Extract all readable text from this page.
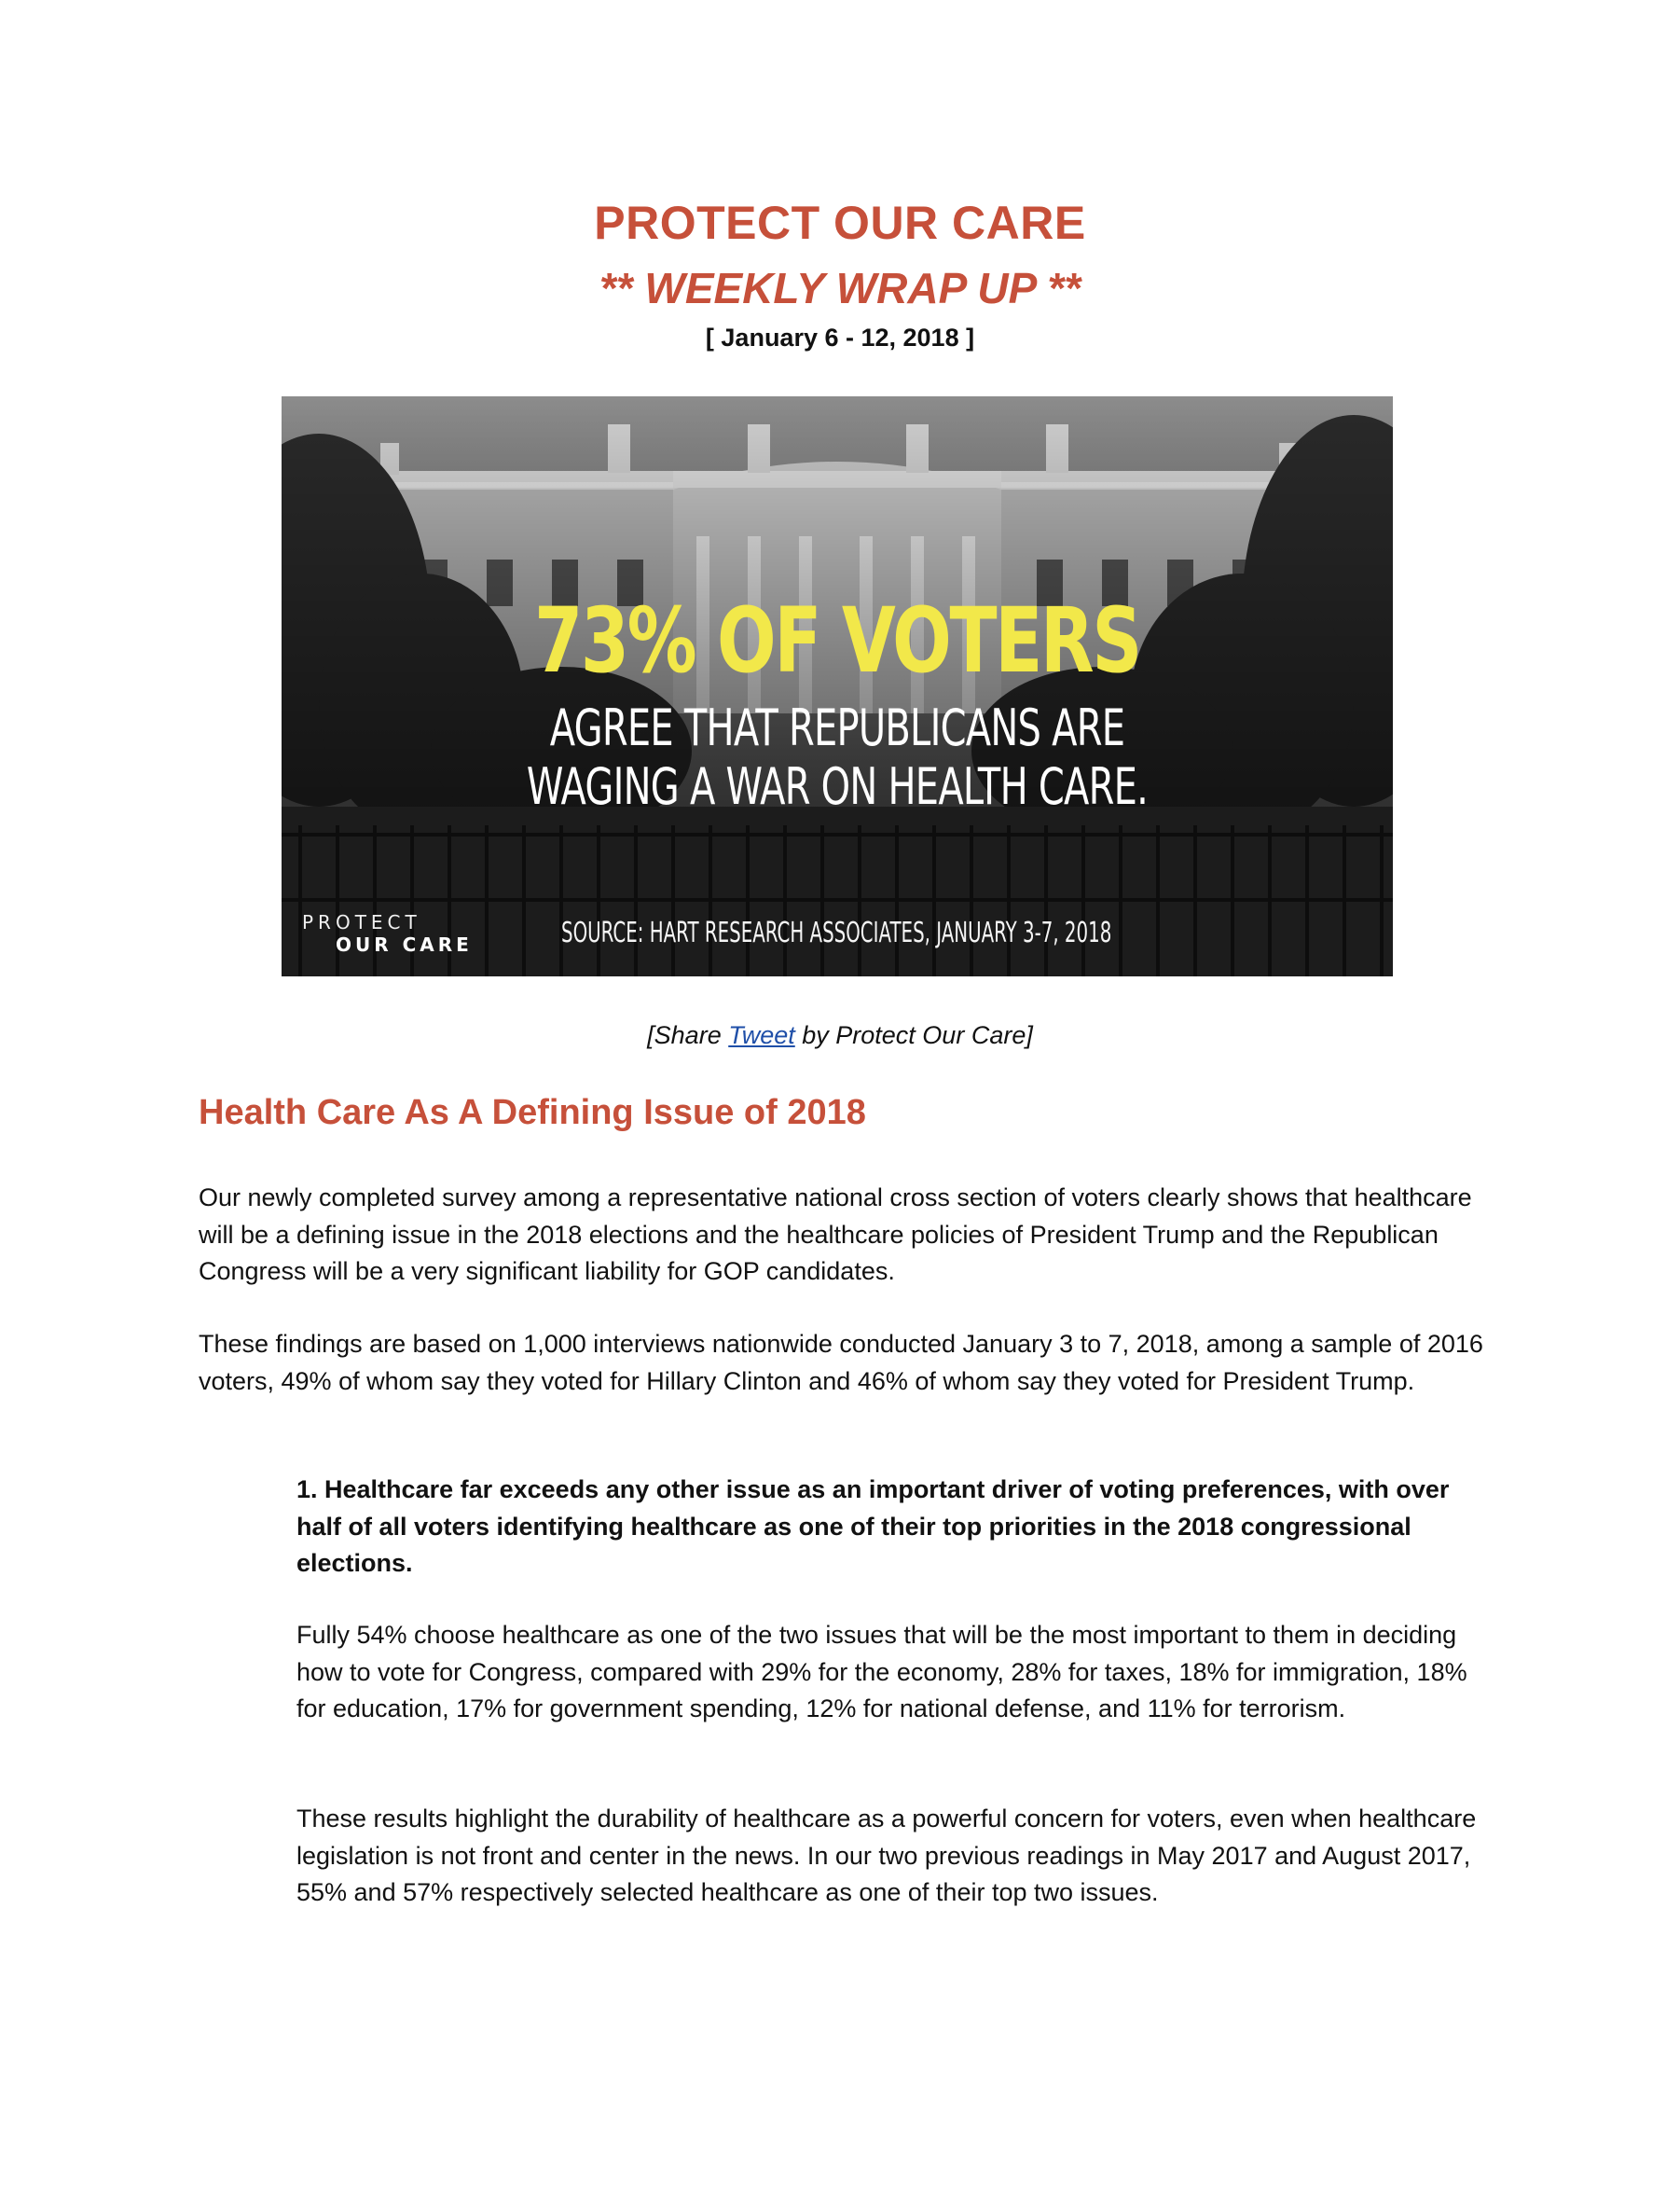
PROTECT OUR CARE
** WEEKLY WRAP UP **
[ January 6 - 12, 2018 ]
73% OF VOTERS
AGREE THAT REPUBLICANS ARE
WAGING A WAR ON HEALTH CARE.
PROTECT
OUR CARE	SOURCE: HART RESEARCH ASSOCIATES, JANUARY 3-7, 2018
[Share Tweet by Protect Our Care]
Health Care As A Defining Issue of 2018

Our newly completed survey among a representative national cross section of voters clearly shows that healthcare will be a defining issue in the 2018 elections and the healthcare policies of President Trump and the Republican Congress will be a very significant liability for GOP candidates.

These findings are based on 1,000 interviews nationwide conducted January 3 to 7, 2018, among a sample of 2016 voters, 49% of whom say they voted for Hillary Clinton and 46% of whom say they voted for President Trump.

1. Healthcare far exceeds any other issue as an important driver of voting preferences, with over half of all voters identifying healthcare as one of their top priorities in the 2018 congressional elections.

Fully 54% choose healthcare as one of the two issues that will be the most important to them in deciding how to vote for Congress, compared with 29% for the economy, 28% for taxes, 18% for immigration, 18% for education, 17% for government spending, 12% for national defense, and 11% for terrorism.

These results highlight the durability of healthcare as a powerful concern for voters, even when healthcare legislation is not front and center in the news. In our two previous readings in May 2017 and August 2017, 55% and 57% respectively selected healthcare as one of their top two issues.
